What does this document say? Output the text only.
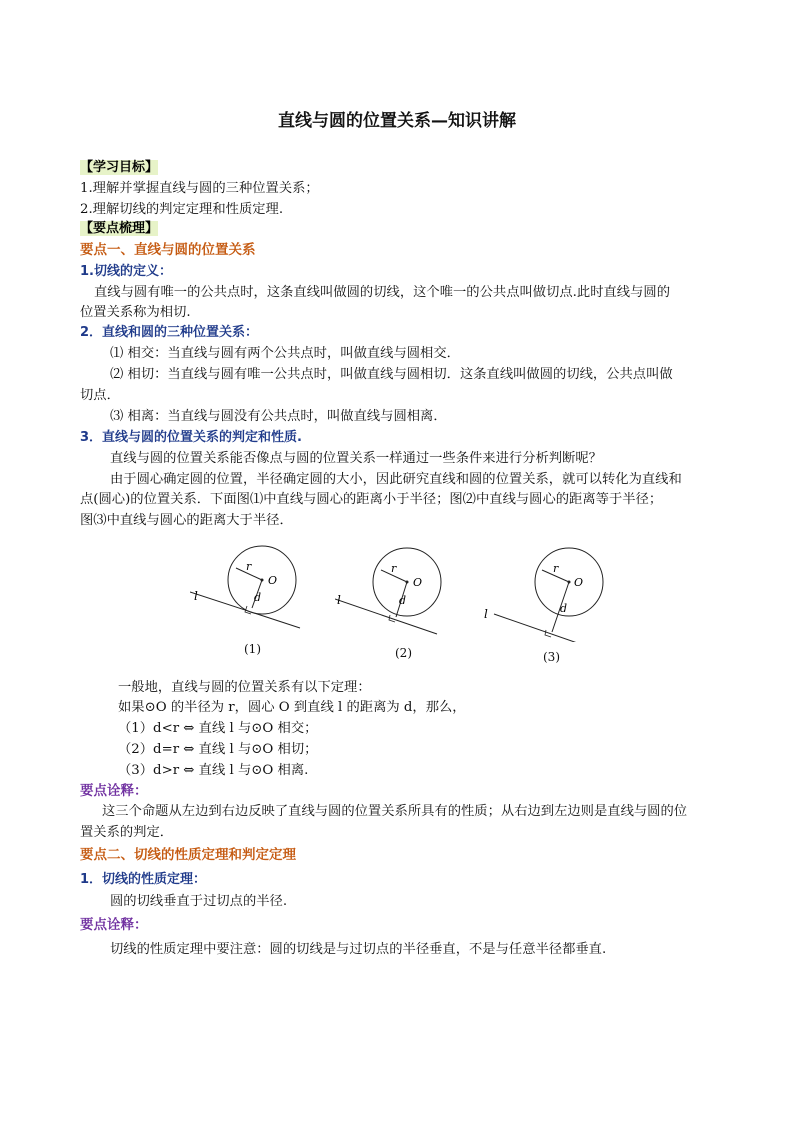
直线与圆的位置关系—知识讲解
【学习目标】
1.理解并掌握直线与圆的三种位置关系；
2.理解切线的判定定理和性质定理.
【要点梳理】
要点一、直线与圆的位置关系
1.切线的定义：
直线与圆有唯一的公共点时，这条直线叫做圆的切线，这个唯一的公共点叫做切点.此时直线与圆的
位置关系称为相切.
2．直线和圆的三种位置关系：
⑴ 相交：当直线与圆有两个公共点时，叫做直线与圆相交．
⑵ 相切：当直线与圆有唯一公共点时，叫做直线与圆相切．这条直线叫做圆的切线，公共点叫做
切点．
⑶ 相离：当直线与圆没有公共点时，叫做直线与圆相离．
3．直线与圆的位置关系的判定和性质.
直线与圆的位置关系能否像点与圆的位置关系一样通过一些条件来进行分析判断呢？
由于圆心确定圆的位置，半径确定圆的大小，因此研究直线和圆的位置关系，就可以转化为直线和
点(圆心)的位置关系．下面图⑴中直线与圆心的距离小于半径；图⑵中直线与圆心的距离等于半径；
图⑶中直线与圆心的距离大于半径．
r
O
d
l
(1)
r
O
d
l
(2)
r
O
d
l
(3)
一般地，直线与圆的位置关系有以下定理：
如果⊙O 的半径为 r，圆心 O 到直线 l 的距离为 d，那么，
（1）d<r ⇔ 直线 l 与⊙O 相交；
（2）d=r ⇔ 直线 l 与⊙O 相切；
（3）d>r ⇔ 直线 l 与⊙O 相离.
要点诠释：
这三个命题从左边到右边反映了直线与圆的位置关系所具有的性质；从右边到左边则是直线与圆的位
置关系的判定．
要点二、切线的性质定理和判定定理
1．切线的性质定理：
圆的切线垂直于过切点的半径.
要点诠释：
切线的性质定理中要注意：圆的切线是与过切点的半径垂直，不是与任意半径都垂直.
